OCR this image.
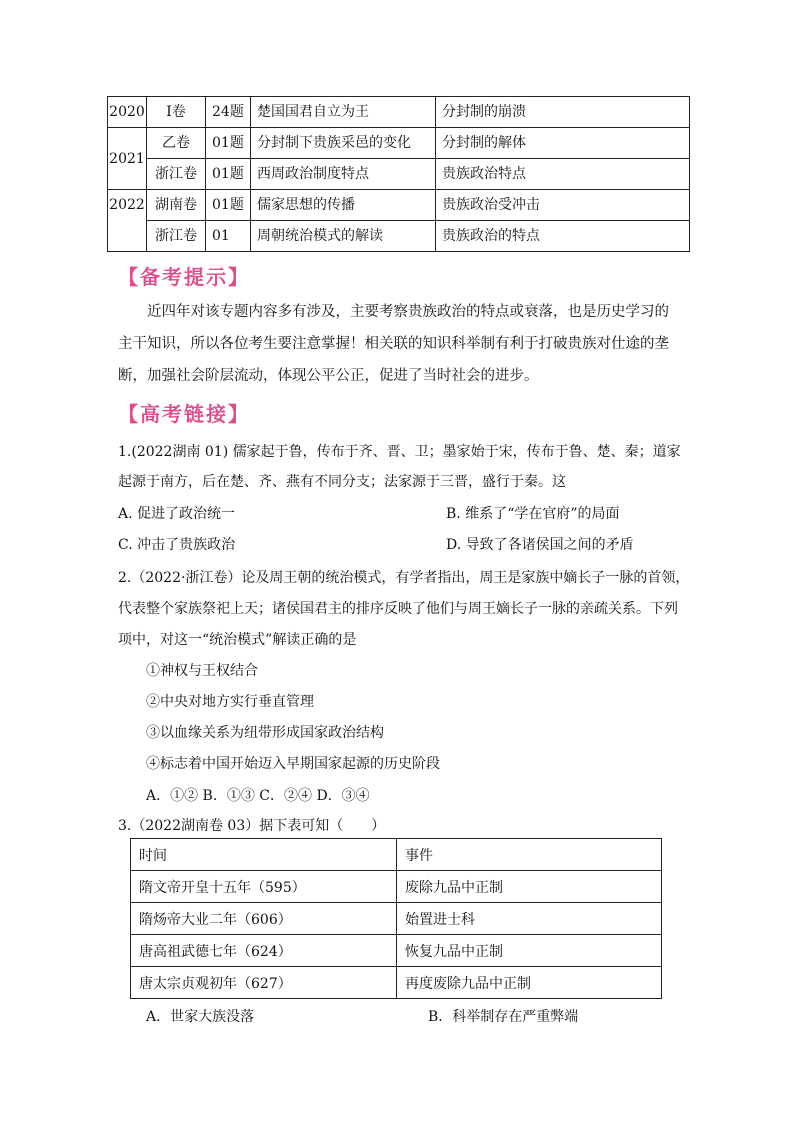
2020	Ⅰ卷	24题	楚国国君自立为王	分封制的崩溃
2021	乙卷	01题	分封制下贵族采邑的变化	分封制的解体
	浙江卷	01题	西周政治制度特点	贵族政治特点
2022	湖南卷	01题	儒家思想的传播	贵族政治受冲击
	浙江卷	01	周朝统治模式的解读	贵族政治的特点
【备考提示】
近四年对该专题内容多有涉及，主要考察贵族政治的特点或衰落，也是历史学习的主干知识，所以各位考生要注意掌握！相关联的知识科举制有利于打破贵族对仕途的垄断，加强社会阶层流动，体现公平公正，促进了当时社会的进步。
【高考链接】
1.(2022湖南 01) 儒家起于鲁，传布于齐、晋、卫；墨家始于宋，传布于鲁、楚、秦；道家
起源于南方，后在楚、齐、燕有不同分支；法家源于三晋，盛行于秦。这
A. 促进了政治统一	B. 维系了“学在官府”的局面
C. 冲击了贵族政治	D. 导致了各诸侯国之间的矛盾
2.（2022·浙江卷）论及周王朝的统治模式，有学者指出，周王是家族中嫡长子一脉的首领，
代表整个家族祭祀上天；诸侯国君主的排序反映了他们与周王嫡长子一脉的亲疏关系。下列
项中，对这一“统治模式”解读正确的是
①神权与王权结合
②中央对地方实行垂直管理
③以血缘关系为纽带形成国家政治结构
④标志着中国开始迈入早期国家起源的历史阶段
A．①② B．①③ C．②④ D．③④
3.（2022湖南卷 03）据下表可知（　　）
时间	事件
隋文帝开皇十五年（595）	废除九品中正制
隋炀帝大业二年（606）	始置进士科
唐高祖武德七年（624）	恢复九品中正制
唐太宗贞观初年（627）	再度废除九品中正制
A．世家大族没落	B．科举制存在严重弊端
